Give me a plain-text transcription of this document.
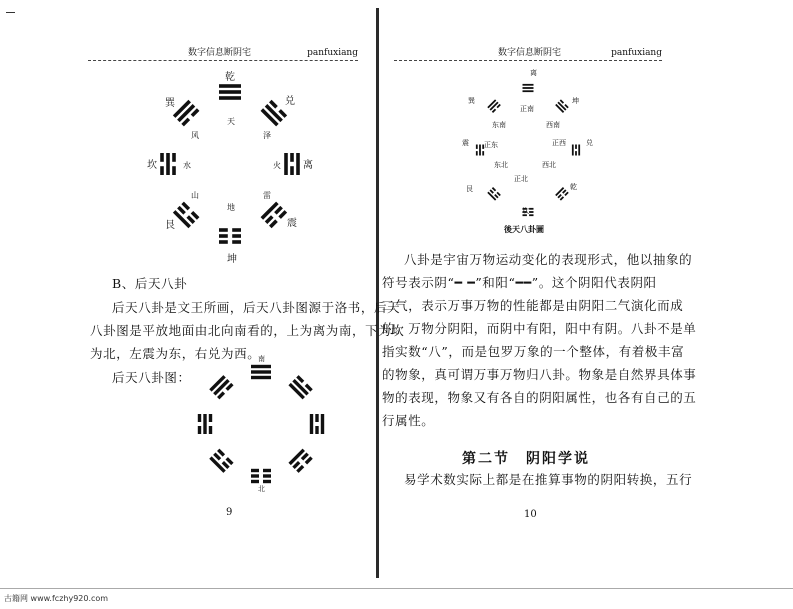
数字信息断阴宅	panfuxiang
乾
兑
离
震
坤
艮
坎
巽
天
泽
火
雷
地
山
水
风
B、后天八卦
后天八卦是文王所画，后天八卦图源于洛书，后天
八卦图是平放地面由北向南看的，上为离为南，下为坎
为北，左震为东，右兑为西。
后天八卦图：
南
北
9
数字信息断阴宅	panfuxiang
正南
离
正西	兑
西北
乾
正北
坎
东北
艮
正东
震
东南
巽
西南
坤
後天八卦圖
八卦是宇宙万物运动变化的表现形式，他以抽象的
符号表示阴“━ ━”和阳“━━”。这个阴阳代表阴阳
二气，表示万事万物的性能都是由阴阳二气演化而成
的。万物分阴阳，而阴中有阳，阳中有阴。八卦不是单
指实数“八”，而是包罗万象的一个整体，有着极丰富
的物象，真可谓万事万物归八卦。物象是自然界具体事
物的表现，物象又有各自的阴阳属性，也各有自己的五
行属性。
第二节　阴阳学说
易学术数实际上都是在推算事物的阴阳转换，五行
10
古籍网 www.fczhy920.com
